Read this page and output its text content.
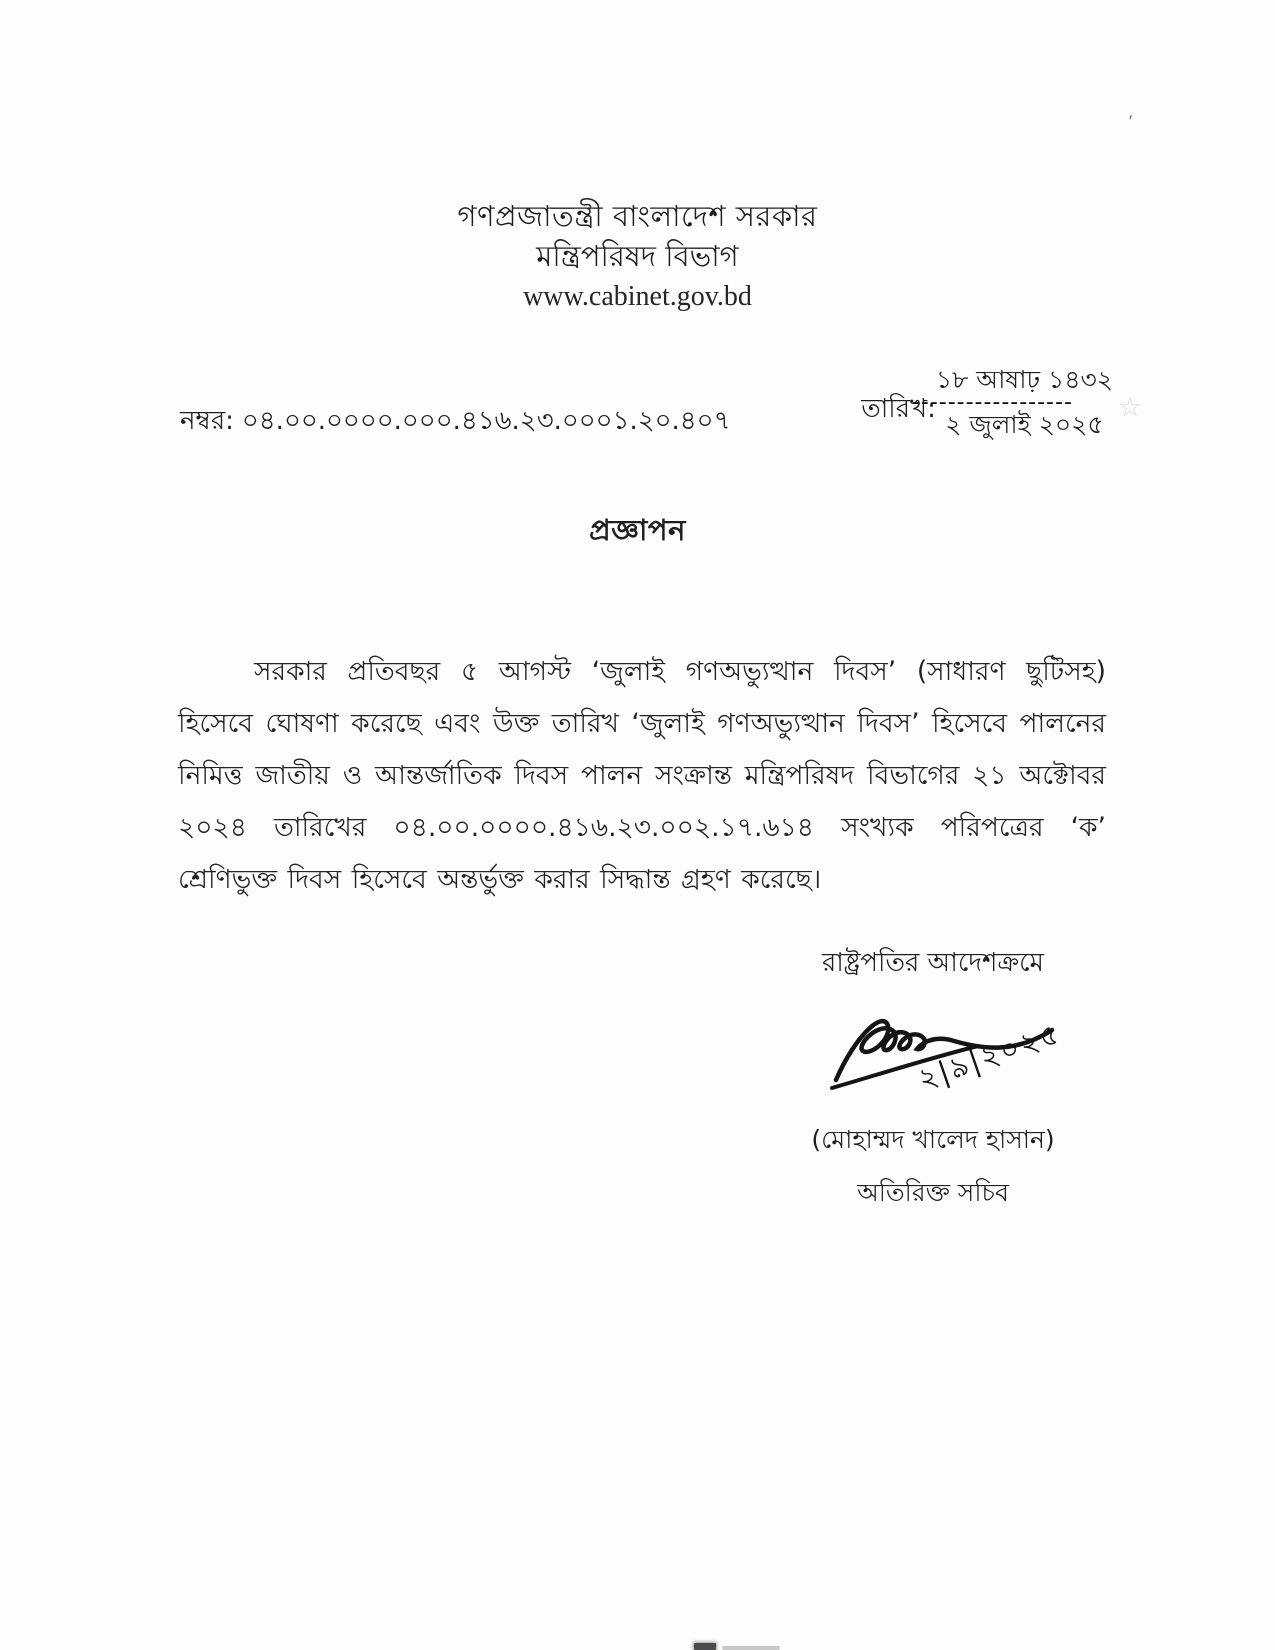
’
গণপ্রজাতন্ত্রী বাংলাদেশ সরকার
মন্ত্রিপরিষদ বিভাগ
www.cabinet.gov.bd
নম্বর: ০৪.০০.০০০০.০০০.৪১৬.২৩.০০০১.২০.৪০৭	তারিখ:
১৮ আষাঢ় ১৪৩২
------------------
২ জুলাই ২০২৫
☆
প্রজ্ঞাপন

সরকার প্রতিবছর ৫ আগস্ট ‘জুলাই গণঅভ্যুত্থান দিবস’ (সাধারণ ছুটিসহ) হিসেবে ঘোষণা করেছে এবং উক্ত তারিখ ‘জুলাই গণঅভ্যুত্থান দিবস’ হিসেবে পালনের নিমিত্ত জাতীয় ও আন্তর্জাতিক দিবস পালন সংক্রান্ত মন্ত্রিপরিষদ বিভাগের ২১ অক্টোবর ২০২৪ তারিখের ০৪.০০.০০০০.৪১৬.২৩.০০২.১৭.৬১৪ সংখ্যক পরিপত্রের ‘ক’ শ্রেণিভুক্ত দিবস হিসেবে অন্তর্ভুক্ত করার সিদ্ধান্ত গ্রহণ করেছে।

রাষ্ট্রপতির আদেশক্রমে
২|৯|২০২৫
(মোহাম্মদ খালেদ হাসান)
অতিরিক্ত সচিব
